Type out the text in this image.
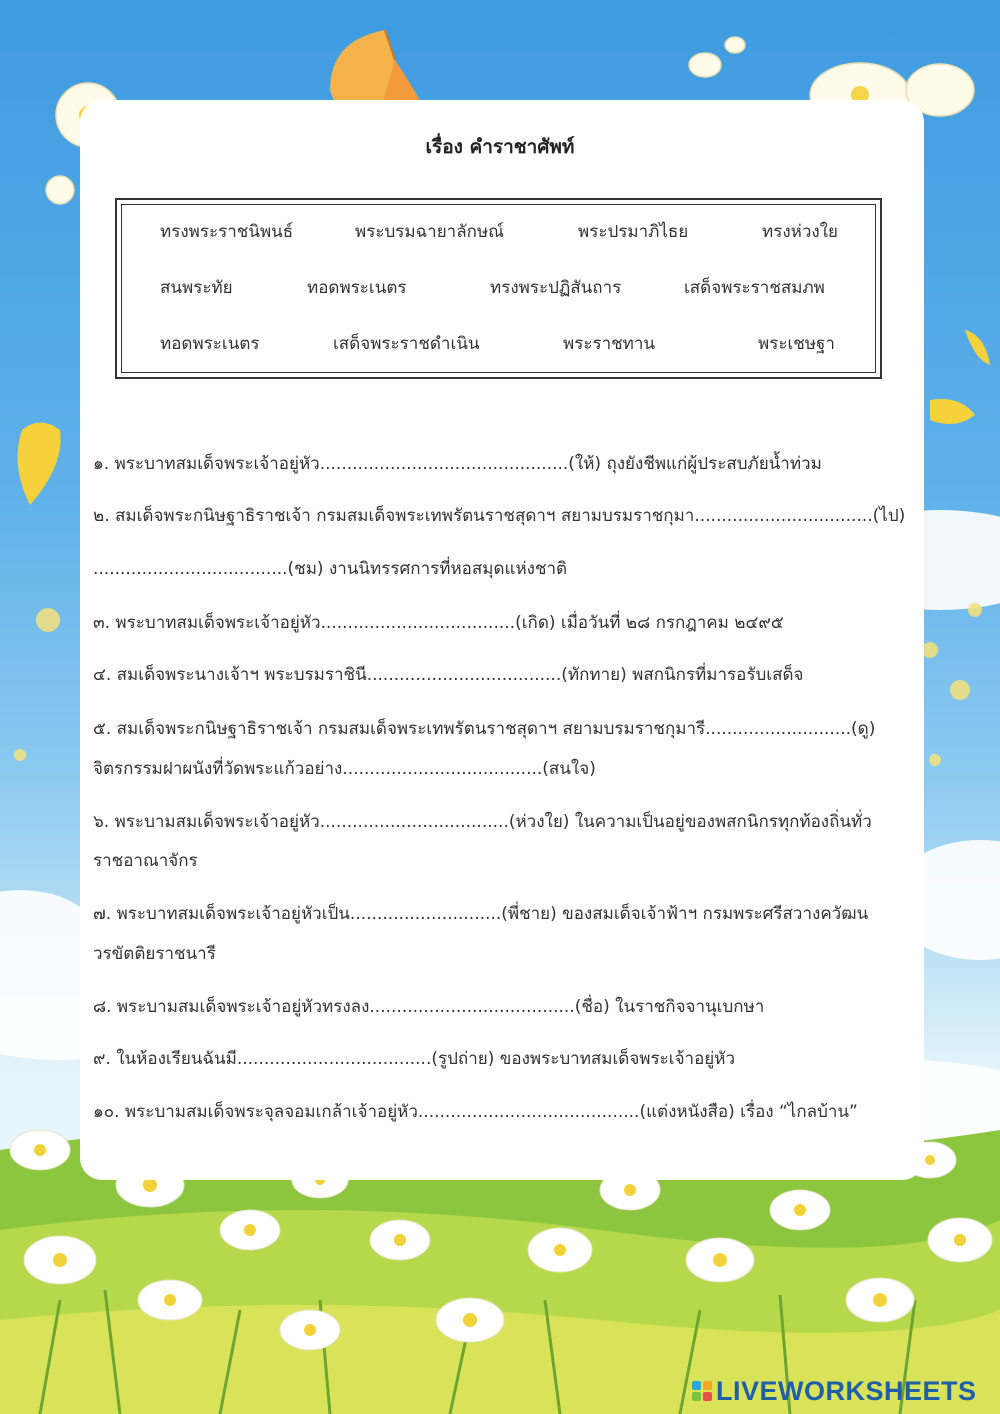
เรื่อง คำราชาศัพท์
ทรงพระราชนิพนธ์	พระบรมฉายาลักษณ์	พระปรมาภิไธย	ทรงห่วงใย
สนพระทัย	ทอดพระเนตร	ทรงพระปฏิสันถาร	เสด็จพระราชสมภพ
ทอดพระเนตร	เสด็จพระราชดำเนิน	พระราชทาน	พระเชษฐา
๑. พระบาทสมเด็จพระเจ้าอยู่หัว..............................................(ให้) ถุงยังชีพแก่ผู้ประสบภัยน้ำท่วม
๒. สมเด็จพระกนิษฐาธิราชเจ้า กรมสมเด็จพระเทพรัตนราชสุดาฯ สยามบรมราชกุมา.................................(ไป)
....................................(ชม) งานนิทรรศการที่หอสมุดแห่งชาติ
๓. พระบาทสมเด็จพระเจ้าอยู่หัว....................................(เกิด) เมื่อวันที่ ๒๘ กรกฎาคม ๒๔๙๕
๔. สมเด็จพระนางเจ้าฯ พระบรมราชินี....................................(ทักทาย) พสกนิกรที่มารอรับเสด็จ
๕. สมเด็จพระกนิษฐาธิราชเจ้า กรมสมเด็จพระเทพรัตนราชสุดาฯ สยามบรมราชกุมารี...........................(ดู)
จิตรกรรมฝาผนังที่วัดพระแก้วอย่าง.....................................(สนใจ)
๖. พระบามสมเด็จพระเจ้าอยู่หัว...................................(ห่วงใย) ในความเป็นอยู่ของพสกนิกรทุกท้องถิ่นทั่ว
ราชอาณาจักร
๗. พระบาทสมเด็จพระเจ้าอยู่หัวเป็น............................(พี่ชาย) ของสมเด็จเจ้าฟ้าฯ กรมพระศรีสวางควัฒน
วรขัตติยราชนารี
๘. พระบามสมเด็จพระเจ้าอยู่หัวทรงลง......................................(ชื่อ) ในราชกิจจานุเบกษา
๙. ในห้องเรียนฉันมี....................................(รูปถ่าย) ของพระบาทสมเด็จพระเจ้าอยู่หัว
๑๐. พระบามสมเด็จพระจุลจอมเกล้าเจ้าอยู่หัว.........................................(แต่งหนังสือ) เรื่อง “ไกลบ้าน”
LIVEWORKSHEETS
